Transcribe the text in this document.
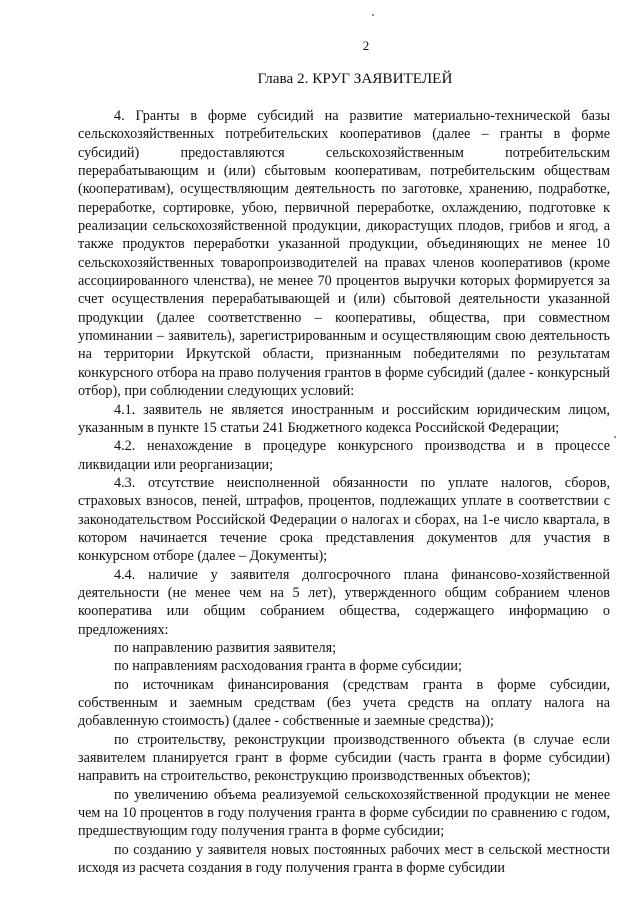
2
Глава 2. КРУГ ЗАЯВИТЕЛЕЙ

4. Гранты в форме субсидий на развитие материально-технической базы сельскохозяйственных потребительских кооперативов (далее – гранты в форме субсидий) предоставляются сельскохозяйственным потребительским перерабатывающим и (или) сбытовым кооперативам, потребительским обществам (кооперативам), осуществляющим деятельность по заготовке, хранению, подработке, переработке, сортировке, убою, первичной переработке, охлаждению, подготовке к реализации сельскохозяйственной продукции, дикорастущих плодов, грибов и ягод, а также продуктов переработки указанной продукции, объединяющих не менее 10 сельскохозяйственных товаропроизводителей на правах членов кооперативов (кроме ассоциированного членства), не менее 70 процентов выручки которых формируется за счет осуществления перерабатывающей и (или) сбытовой деятельности указанной продукции (далее соответственно – кооперативы, общества, при совместном упоминании – заявитель), зарегистрированным и осуществляющим свою деятельность на территории Иркутской области, признанным победителями по результатам конкурсного отбора на право получения грантов в форме субсидий (далее - конкурсный отбор), при соблюдении следующих условий:

4.1. заявитель не является иностранным и российским юридическим лицом, указанным в пункте 15 статьи 241 Бюджетного кодекса Российской Федерации;

4.2. ненахождение в процедуре конкурсного производства и в процессе ликвидации или реорганизации;

4.3. отсутствие неисполненной обязанности по уплате налогов, сборов, страховых взносов, пеней, штрафов, процентов, подлежащих уплате в соответствии с законодательством Российской Федерации о налогах и сборах, на 1-е число квартала, в котором начинается течение срока представления документов для участия в конкурсном отборе (далее – Документы);

4.4. наличие у заявителя долгосрочного плана финансово-хозяйственной деятельности (не менее чем на 5 лет), утвержденного общим собранием членов кооператива или общим собранием общества, содержащего информацию о предложениях:

по направлению развития заявителя;

по направлениям расходования гранта в форме субсидии;

по источникам финансирования (средствам гранта в форме субсидии, собственным и заемным средствам (без учета средств на оплату налога на добавленную стоимость) (далее - собственные и заемные средства));

по строительству, реконструкции производственного объекта (в случае если заявителем планируется грант в форме субсидии (часть гранта в форме субсидии) направить на строительство, реконструкцию производственных объектов);

по увеличению объема реализуемой сельскохозяйственной продукции не менее чем на 10 процентов в году получения гранта в форме субсидии по сравнению с годом, предшествующим году получения гранта в форме субсидии;

по созданию у заявителя новых постоянных рабочих мест в сельской местности исходя из расчета создания в году получения гранта в форме субсидии
